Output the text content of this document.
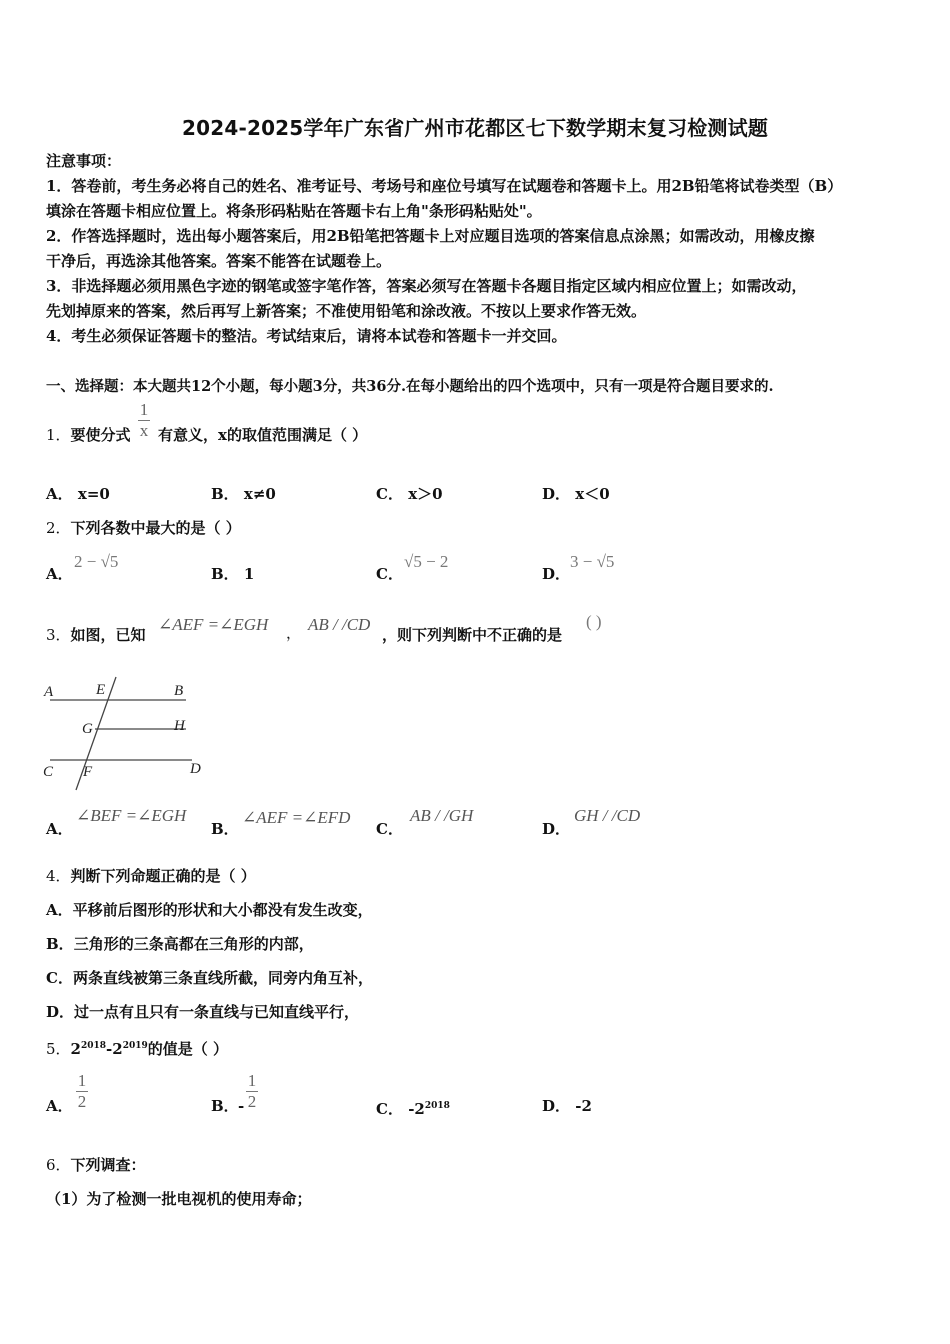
2024-2025学年广东省广州市花都区七下数学期末复习检测试题
注意事项：
1．答卷前，考生务必将自己的姓名、准考证号、考场号和座位号填写在试题卷和答题卡上。用2B铅笔将试卷类型（B）
填涂在答题卡相应位置上。将条形码粘贴在答题卡右上角"条形码粘贴处"。
2．作答选择题时，选出每小题答案后，用2B铅笔把答题卡上对应题目选项的答案信息点涂黑；如需改动，用橡皮擦
干净后，再选涂其他答案。答案不能答在试题卷上。
3．非选择题必须用黑色字迹的钢笔或签字笔作答，答案必须写在答题卡各题目指定区域内相应位置上；如需改动，
先划掉原来的答案，然后再写上新答案；不准使用铅笔和涂改液。不按以上要求作答无效。
4．考生必须保证答题卡的整洁。考试结束后，请将本试卷和答题卡一并交回。
一、选择题：本大题共12个小题，每小题3分，共36分.在每小题给出的四个选项中，只有一项是符合题目要求的.
1．要使分式
1
x 有意义，x的取值范围满足（ ）
A． x=0	B． x≠0	C． x＞0	D． x＜0
2．下列各数中最大的是（ ）
A．
2 − √5
B． 1	C．
√5 − 2
D．
3 − √5
3．如图，已知
∠AEF =∠EGH ， AB / /CD
，则下列判断中不正确的是
( )
A	E	B
G	H
C F	D
A．
∠BEF =∠EGH
B．
∠AEF =∠EFD
C．
AB / /GH
D．
GH / /CD
4．判断下列命题正确的是（ ）
A．平移前后图形的形状和大小都没有发生改变，
B．三角形的三条高都在三角形的内部，
C．两条直线被第三条直线所截，同旁内角互补，
D．过一点有且只有一条直线与已知直线平行，
5．$2^{2018}-2^{2019}$的值是（ ）
A．
1
2	B． -
1
2	C． $-2^{2018}$	D． -2
6．下列调查：
（1）为了检测一批电视机的使用寿命；
